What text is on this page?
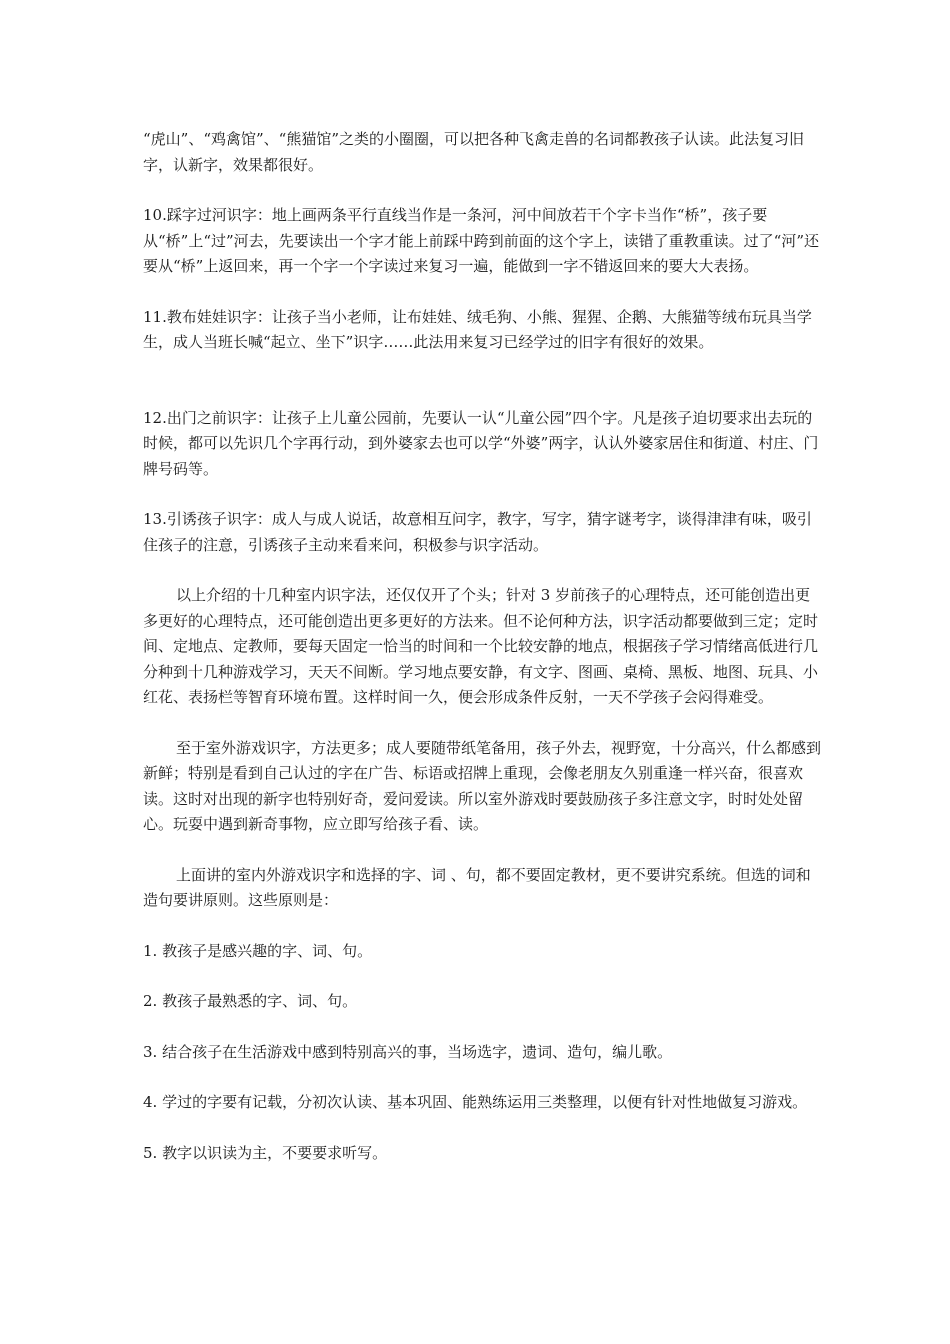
“虎山”、“鸡禽馆”、“熊猫馆”之类的小圈圈，可以把各种飞禽走兽的名词都教孩子认读。此法复习旧字，认新字，效果都很好。

10.踩字过河识字：地上画两条平行直线当作是一条河，河中间放若干个字卡当作“桥”，孩子要从“桥”上“过”河去，先要读出一个字才能上前踩中跨到前面的这个字上，读错了重教重读。过了“河”还要从“桥”上返回来，再一个字一个字读过来复习一遍，能做到一字不错返回来的要大大表扬。

11.教布娃娃识字：让孩子当小老师，让布娃娃、绒毛狗、小熊、猩猩、企鹅、大熊猫等绒布玩具当学生，成人当班长喊“起立、坐下”识字……此法用来复习已经学过的旧字有很好的效果。

12.出门之前识字：让孩子上儿童公园前，先要认一认“儿童公园”四个字。凡是孩子迫切要求出去玩的时候，都可以先识几个字再行动，到外婆家去也可以学“外婆”两字，认认外婆家居住和街道、村庄、门牌号码等。

13.引诱孩子识字：成人与成人说话，故意相互问字，教字，写字，猜字谜考字，谈得津津有味，吸引住孩子的注意，引诱孩子主动来看来问，积极参与识字活动。

以上介绍的十几种室内识字法，还仅仅开了个头；针对 3 岁前孩子的心理特点，还可能创造出更多更好的心理特点，还可能创造出更多更好的方法来。但不论何种方法，识字活动都要做到三定；定时间、定地点、定教师，要每天固定一恰当的时间和一个比较安静的地点，根据孩子学习情绪高低进行几分种到十几种游戏学习，天天不间断。学习地点要安静，有文字、图画、桌椅、黑板、地图、玩具、小红花、表扬栏等智育环境布置。这样时间一久，便会形成条件反射，一天不学孩子会闷得难受。

至于室外游戏识字，方法更多；成人要随带纸笔备用，孩子外去，视野宽，十分高兴，什么都感到新鲜；特别是看到自己认过的字在广告、标语或招牌上重现，会像老朋友久别重逢一样兴奋，很喜欢读。这时对出现的新字也特别好奇，爱问爱读。所以室外游戏时要鼓励孩子多注意文字，时时处处留心。玩耍中遇到新奇事物，应立即写给孩子看、读。

上面讲的室内外游戏识字和选择的字、词 、句，都不要固定教材，更不要讲究系统。但选的词和造句要讲原则。这些原则是：

1. 教孩子是感兴趣的字、词、句。

2. 教孩子最熟悉的字、词、句。

3. 结合孩子在生活游戏中感到特别高兴的事，当场选字，遗词、造句，编儿歌。

4. 学过的字要有记载，分初次认读、基本巩固、能熟练运用三类整理，以便有针对性地做复习游戏。

5. 教字以识读为主，不要要求听写。
